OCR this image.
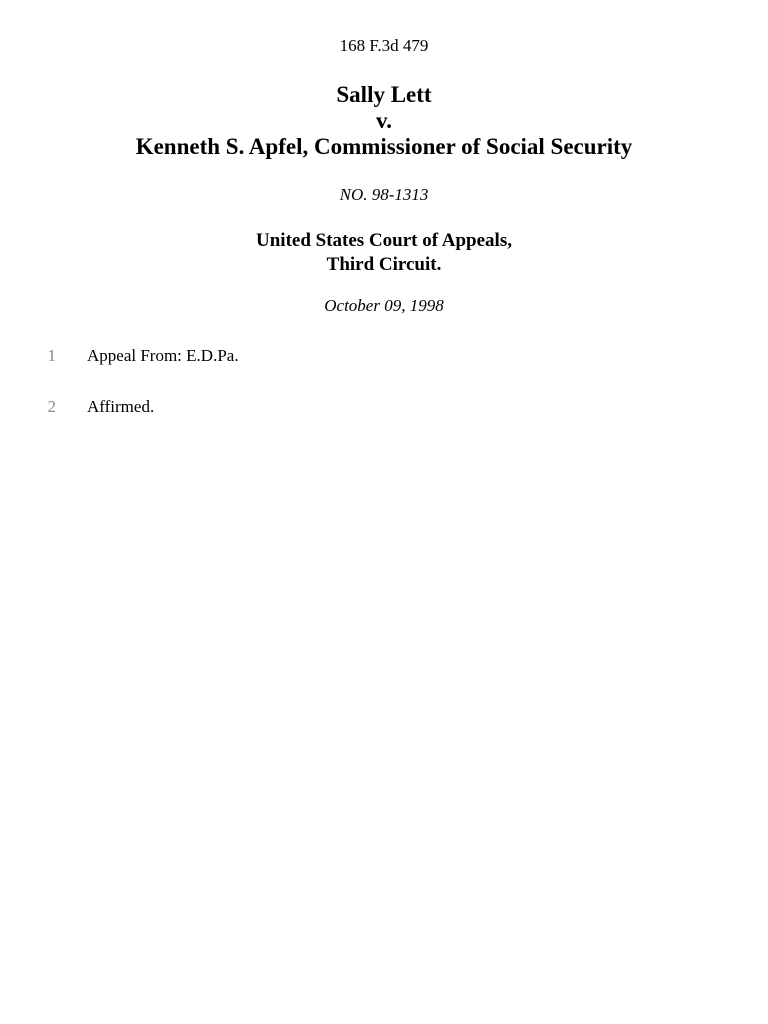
168 F.3d 479
Sally Lett
v.
Kenneth S. Apfel, Commissioner of Social Security
NO. 98-1313
United States Court of Appeals,
Third Circuit.
October 09, 1998
1 Appeal From: E.D.Pa.
2 Affirmed.
